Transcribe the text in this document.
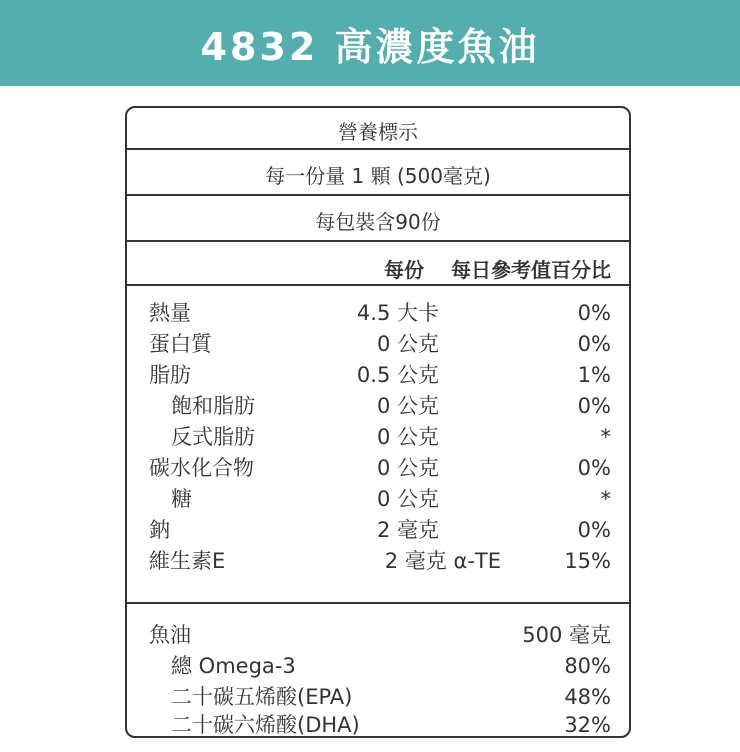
4832 高濃度魚油
營養標示
每一份量 1 顆 (500毫克)
每包裝含90份
每份 每日參考值百分比
熱量	4.5 大卡	0%
蛋白質	0 公克	0%
脂肪	0.5 公克	1%
飽和脂肪	0 公克	0%
反式脂肪	0 公克	*
碳水化合物	0 公克	0%
糖	0 公克	*
鈉	2 毫克	0%
維生素E	2 毫克 α-TE	15%
魚油	500 毫克
總 Omega-3	80%
二十碳五烯酸(EPA)	48%
二十碳六烯酸(DHA)	32%
